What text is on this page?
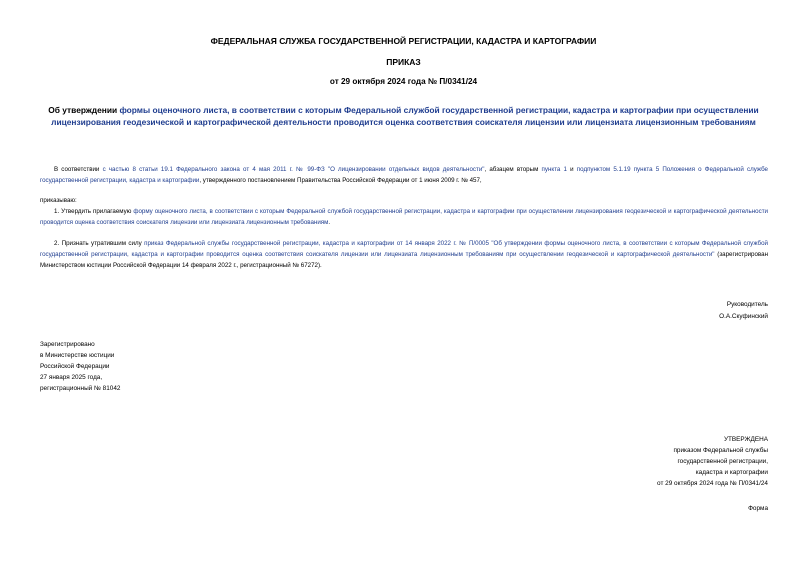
ФЕДЕРАЛЬНАЯ СЛУЖБА ГОСУДАРСТВЕННОЙ РЕГИСТРАЦИИ, КАДАСТРА И КАРТОГРАФИИ
ПРИКАЗ
от 29 октября 2024 года № П/0341/24
Об утверждении формы оценочного листа, в соответствии с которым Федеральной службой государственной регистрации, кадастра и картографии при осуществлении лицензирования геодезической и картографической деятельности проводится оценка соответствия соискателя лицензии или лицензиата лицензионным требованиям
В соответствии с частью 8 статьи 19.1 Федерального закона от 4 мая 2011 г. № 99-ФЗ "О лицензировании отдельных видов деятельности", абзацем вторым пункта 1 и подпунктом 5.1.19 пункта 5 Положения о Федеральной службе государственной регистрации, кадастра и картографии, утвержденного постановлением Правительства Российской Федерации от 1 июня 2009 г. № 457,
приказываю:
1. Утвердить прилагаемую форму оценочного листа, в соответствии с которым Федеральной службой государственной регистрации, кадастра и картографии при осуществлении лицензирования геодезической и картографической деятельности проводится оценка соответствия соискателя лицензии или лицензиата лицензионным требованиям.
2. Признать утратившим силу приказ Федеральной службы государственной регистрации, кадастра и картографии от 14 января 2022 г. № П/0005 "Об утверждении формы оценочного листа, в соответствии с которым Федеральной службой государственной регистрации, кадастра и картографии проводится оценка соответствия соискателя лицензии или лицензиата лицензионным требованиям при осуществлении геодезической и картографической деятельности" (зарегистрирован Министерством юстиции Российской Федерации 14 февраля 2022 г., регистрационный № 67272).
Руководитель
О.А.Скуфинский
Зарегистрировано
в Министерстве юстиции
Российской Федерации
27 января 2025 года,
регистрационный № 81042
УТВЕРЖДЕНА
приказом Федеральной службы
государственной регистрации,
кадастра и картографии
от 29 октября 2024 года № П/0341/24
Форма
